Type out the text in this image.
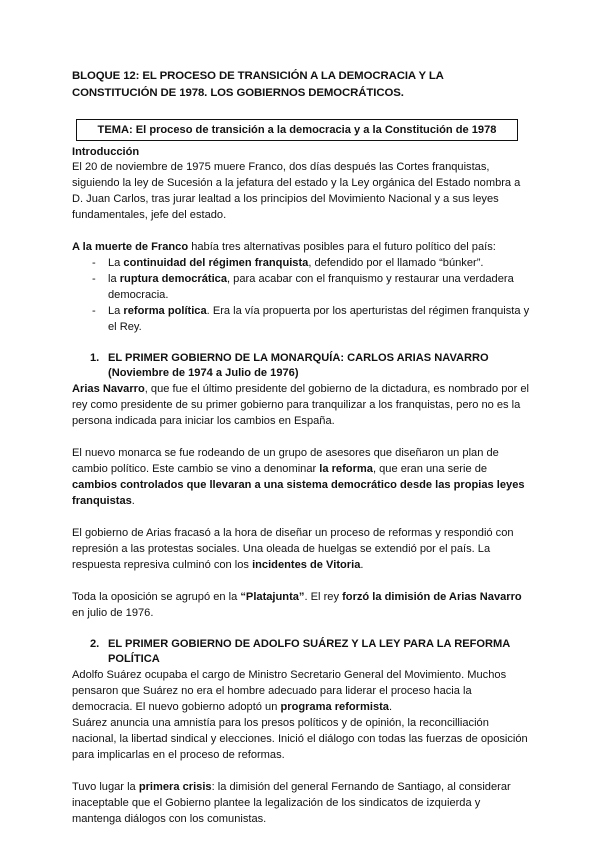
BLOQUE 12: EL PROCESO DE TRANSICIÓN A LA DEMOCRACIA Y LA
CONSTITUCIÓN DE 1978. LOS GOBIERNOS DEMOCRÁTICOS.

TEMA: El proceso de transición a la democracia y a la Constitución de 1978
Introducción

El 20 de noviembre de 1975 muere Franco, dos días después las Cortes franquistas, siguiendo la ley de Sucesión a la jefatura del estado y la Ley orgánica del Estado nombra a D. Juan Carlos, tras jurar lealtad a los principios del Movimiento Nacional y a sus leyes fundamentales, jefe del estado.

A la muerte de Franco había tres alternativas posibles para el futuro político del país:

- La continuidad del régimen franquista, defendido por el llamado “búnker”.
- la ruptura democrática, para acabar con el franquismo y restaurar una verdadera democracia.
- La reforma política. Era la vía propuerta por los aperturistas del régimen franquista y el Rey.
1. EL PRIMER GOBIERNO DE LA MONARQUÍA: CARLOS ARIAS NAVARRO
(Noviembre de 1974 a Julio de 1976)

Arias Navarro, que fue el último presidente del gobierno de la dictadura, es nombrado por el rey como presidente de su primer gobierno para tranquilizar a los franquistas, pero no es la persona indicada para iniciar los cambios en España.

El nuevo monarca se fue rodeando de un grupo de asesores que diseñaron un plan de cambio político. Este cambio se vino a denominar la reforma, que eran una serie de cambios controlados que llevaran a una sistema democrático desde las propias leyes franquistas.

El gobierno de Arias fracasó a la hora de diseñar un proceso de reformas y respondió con represión a las protestas sociales. Una oleada de huelgas se extendió por el país. La respuesta represiva culminó con los incidentes de Vitoria.

Toda la oposición se agrupó en la “Platajunta”. El rey forzó la dimisión de Arias Navarro en julio de 1976.

2. EL PRIMER GOBIERNO DE ADOLFO SUÁREZ Y LA LEY PARA LA REFORMA
POLÍTICA

Adolfo Suárez ocupaba el cargo de Ministro Secretario General del Movimiento. Muchos pensaron que Suárez no era el hombre adecuado para liderar el proceso hacia la democracia. El nuevo gobierno adoptó un programa reformista.

Suárez anuncia una amnistía para los presos políticos y de opinión, la reconcilliación nacional, la libertad sindical y elecciones. Inició el diálogo con todas las fuerzas de oposición para implicarlas en el proceso de reformas.

Tuvo lugar la primera crisis: la dimisión del general Fernando de Santiago, al considerar inaceptable que el Gobierno plantee la legalización de los sindicatos de izquierda y mantenga diálogos con los comunistas.
